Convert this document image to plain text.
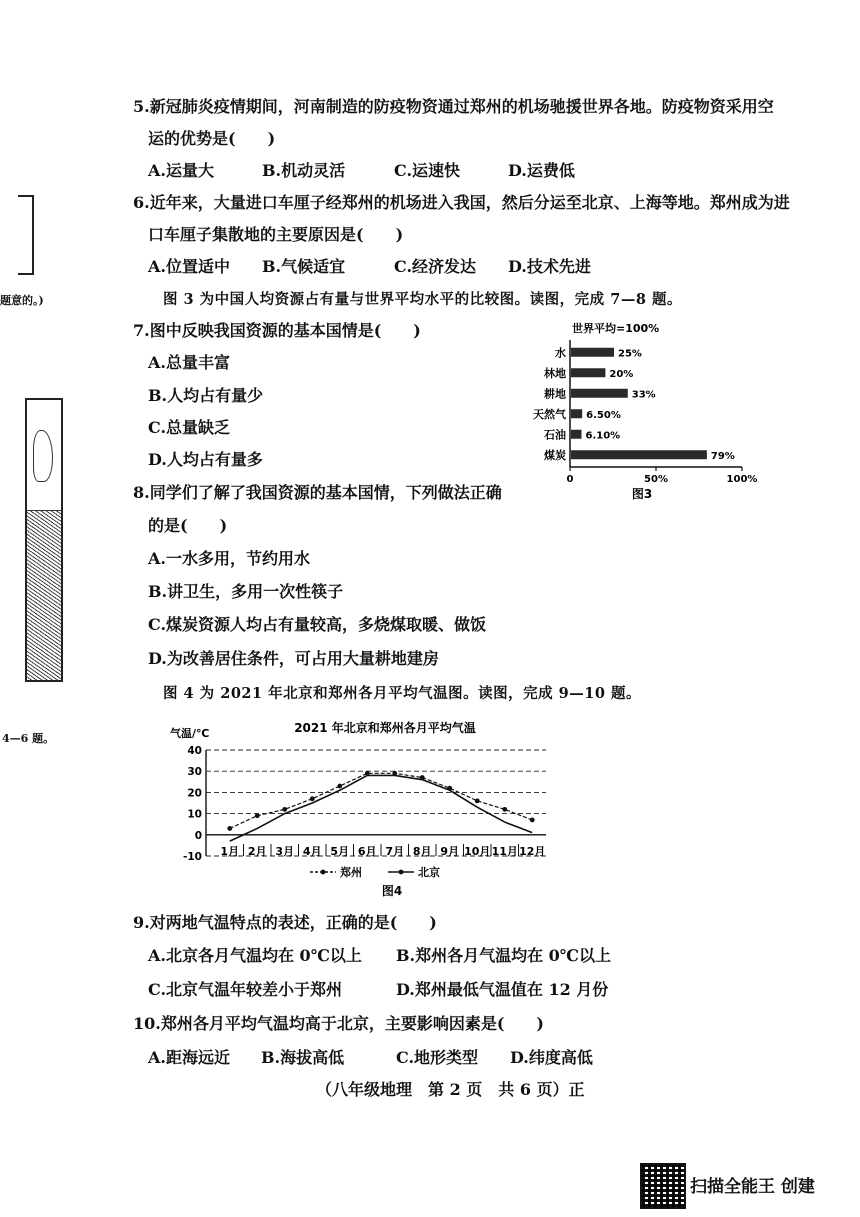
5.新冠肺炎疫情期间，河南制造的防疫物资通过郑州的机场驰援世界各地。防疫物资采用空
运的优势是(　　)
A.运量大	B.机动灵活	C.运速快	D.运费低
6.近年来，大量进口车厘子经郑州的机场进入我国，然后分运至北京、上海等地。郑州成为进
口车厘子集散地的主要原因是(　　)
A.位置适中 B.气候适宜	C.经济发达 D.技术先进
题意的。)
4—6 题。
图 3 为中国人均资源占有量与世界平均水平的比较图。读图，完成 7—8 题。
7.图中反映我国资源的基本国情是(　　)
A.总量丰富
B.人均占有量少
C.总量缺乏
D.人均占有量多
世界平均=100%
0	50%	100%
水	25%
林地	20%
耕地	33%
天然气 6.50%
石油 6.10%
煤炭	79%
图3
8.同学们了解了我国资源的基本国情，下列做法正确
的是(　　)
A.一水多用，节约用水
B.讲卫生，多用一次性筷子
C.煤炭资源人均占有量较高，多烧煤取暖、做饭
D.为改善居住条件，可占用大量耕地建房
图 4 为 2021 年北京和郑州各月平均气温图。读图，完成 9—10 题。
气温/℃	2021 年北京和郑州各月平均气温
-10
0
10
20
30
40
1月 2月 3月 4月 5月 6月 7月 8月 9月 10月 11月 12月
郑州	北京
图4
9.对两地气温特点的表述，正确的是(　　)
A.北京各月气温均在 0℃以上 B.郑州各月气温均在 0℃以上
C.北京气温年较差小于郑州	D.郑州最低气温值在 12 月份
10.郑州各月平均气温均高于北京，主要影响因素是(　　)
A.距海远近 B.海拔高低	C.地形类型 D.纬度高低
（八年级地理　第 2 页　共 6 页）正
扫描全能王 创建
